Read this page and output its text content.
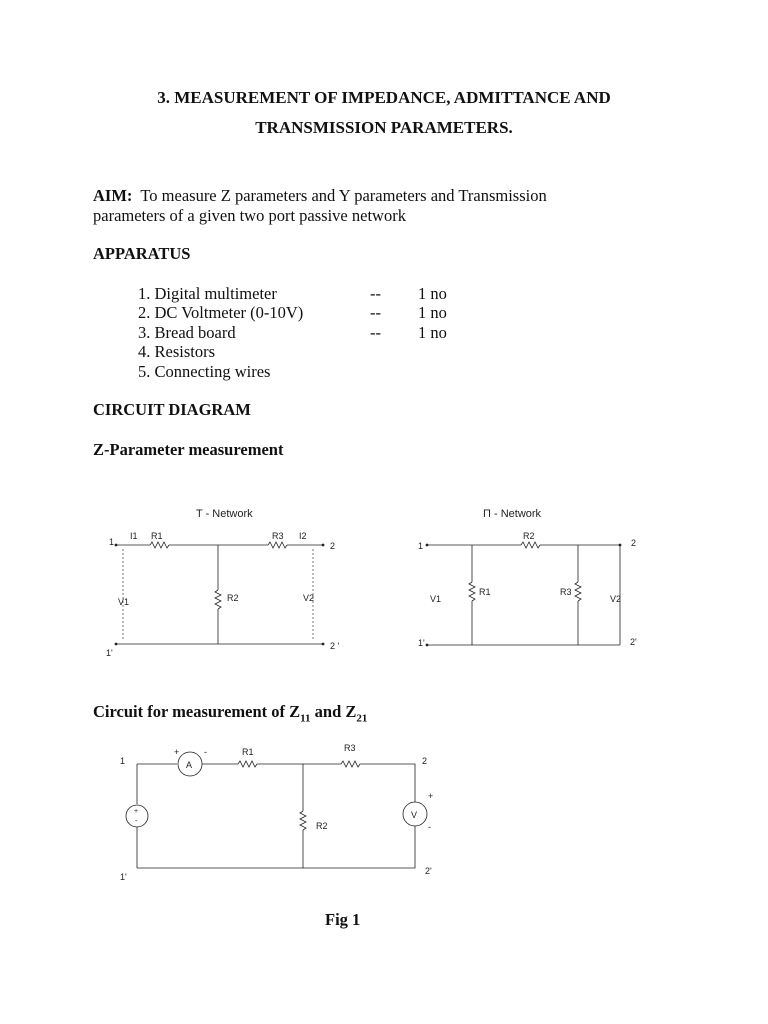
3. MEASUREMENT OF IMPEDANCE, ADMITTANCE AND
TRANSMISSION PARAMETERS.
AIM: To measure Z parameters and Y parameters and Transmission
parameters of a given two port passive network
APPARATUS
1. Digital multimeter	-- 1 no
2. DC Voltmeter (0-10V)	-- 1 no
3. Bread board	-- 1 no
4. Resistors
5. Connecting wires
CIRCUIT DIAGRAM
Z-Parameter measurement
T - Network
1
1'
2
2 '
I1 R1	R3 I2
R2
V1	V2
Π - Network
1
1'
2
2'
R2
R1	R3
V1	V2
Circuit for measurement of $Z_{11}$ and $Z_{21}$
1
1'
2
2'
R1	R3
R2
+	-
+
-
A
V
+
-
Fig 1
